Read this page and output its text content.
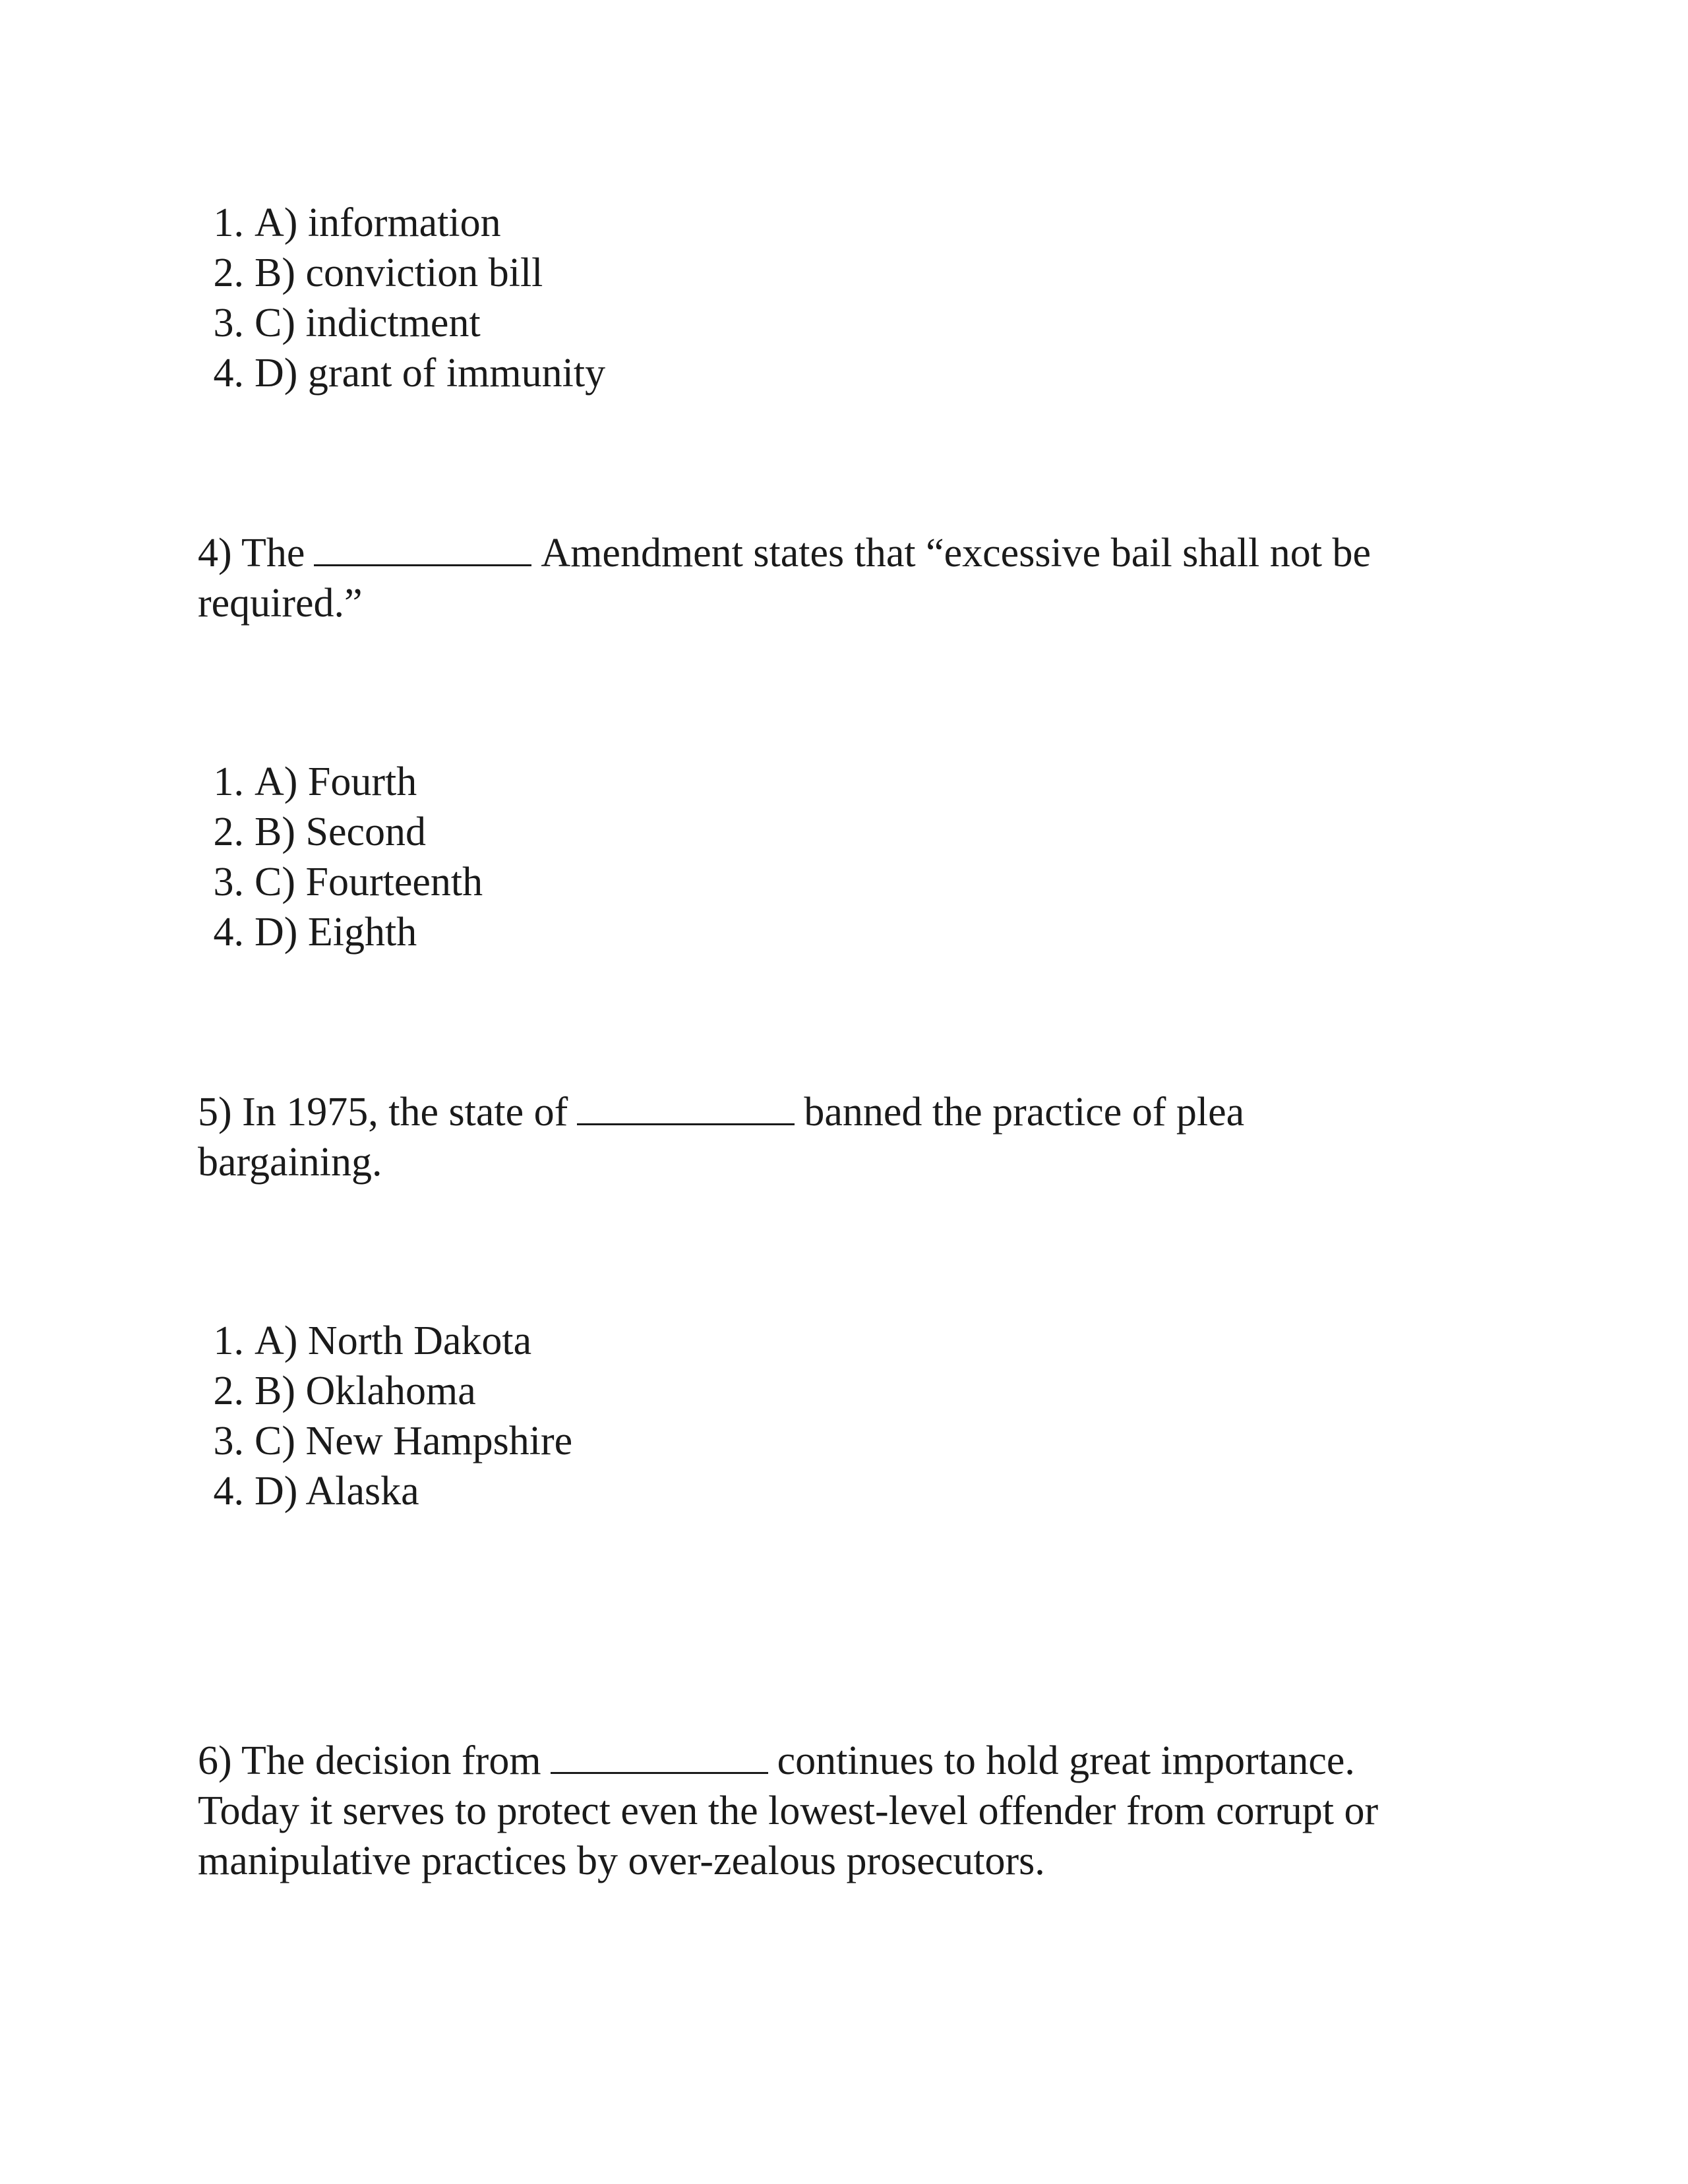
1. A) information
2. B) conviction bill
3. C) indictment
4. D) grant of immunity

4) The	Amendment states that “excessive bail shall not be

required.”

1. A) Fourth
2. B) Second
3. C) Fourteenth
4. D) Eighth

5) In 1975, the state of	banned the practice of plea

bargaining.

1. A) North Dakota
2. B) Oklahoma
3. C) New Hampshire
4. D) Alaska

6) The decision from	continues to hold great importance.

Today it serves to protect even the lowest-level offender from corrupt or

manipulative practices by over-zealous prosecutors.
